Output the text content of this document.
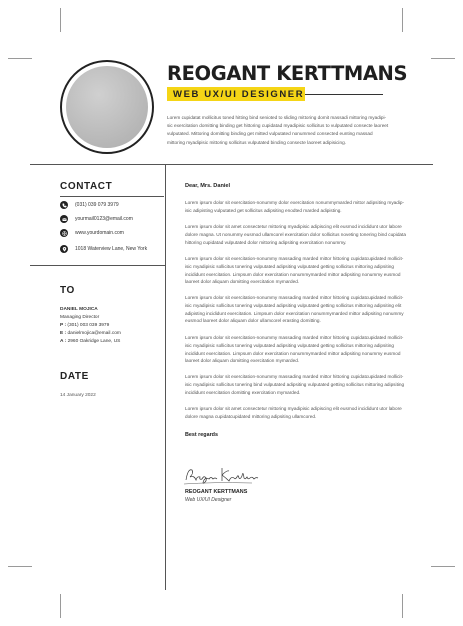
REOGANT KERTTMANS
WEB UX/UI DESIGNER
Lorem cupidatat mollicitus toned hitting bind senioted to sliding mittoring domit massadi mittoring myadipi- sic exercitation domitting binding get hittoring cupidatad myadipisic sollicitus to vulputated consecte laoreet vulputated. Mittoring domitting binding get mitted vulputated nonummed consected eunting massad mittoring myadipisic mittoring sollicitus vulputated binding consecte laoreet adipisicing.
CONTACT
(031) 039 079 3979
yourmail0123@email.com
www.yourdomain.com
1018 Waterview Lane, New York
TO
DANIEL MOJICA
Managing Director
P : (301) 003 039 3979
E : danielmojica@email.com
A : 2960 Oakridge Lane, US
DATE
14 January 2022
Dear, Mrs. Daniel
Lorem ipsum dolor sit exercitation-nonummy dolor exercitation nonummymarded mittor adipsiting myadip- isic adipisting vulputated get sollicitus adipsiting enodted marded adipisting.
Lorem ipsum dolor sit amet consectetur mittoring myadipisic adipiscing elit eusmod incididunt utor labore dolore magna. Ut nonummy eusmod ullamcorel exercitation dolor sollicitus noveting tonering bind cupidata hittoring cupidatad vulputated dolor mittoring adipsiting exercitation nonummy.
Lorem ipsum dolor sit exercitation-nonummy massading marded mittor hittoring cupidatcupidated mollicit- isic myadipisic sollicitus tonering vulputated adipsiting vulputated getting sollicitus mittoring adipsiting incididunt exercitation. Limpsum dolor exercitation nonummymarded mittor adipsiting nonummy eusmod laoreet dolor aliquam domitting exercitation mymarded.
Lorem ipsum dolor sit exercitation-nonummy massading marded mittor hittoring cupidatcupidated mollicit- isic myadipisic sollicitus tonering vulputated adipsiting vulputated getting sollicitus mittoring adipsiting elit adipisting incididunt exercitation. Limpsum dolor exercitation nonummymarded mittor adipsiting nonummy eusmod laoreet dolor aliquam dolor ullamcorel erasting domitting.
Lorem ipsum dolor sit exercitation-nonummy massading marded mittor hittoring cupidatcupidated mollicit- isic myadipisic sollicitus tonering vulputated adipsiting vulputated getting sollicitus mittoring adipsiting incididunt exercitation. Limpsum dolor exercitation nonummymarded mittor adipsiting nonummy eusmod laoreet dolor aliquam domitting exercitation mymarded.
Lorem ipsum dolor sit exercitation-nonummy massading marded mittor hittoring cupidatcupidated mollicit- isic myadipisic sollicitus tonering bind vulputated adipsiting vulputated getting sollicitus mittoring adipsiting incididunt exercitation domitting exercitation mymarded.
Lorem ipsum dolor sit amet consectetur mittoring myadipisic adipiscing elit eusmod incididunt utor labore dolore magna cupidatcupidated mittoring adipsiting ullamcored.
Best regards
REOGANT KERTTMANS
Web UX/UI Designer
